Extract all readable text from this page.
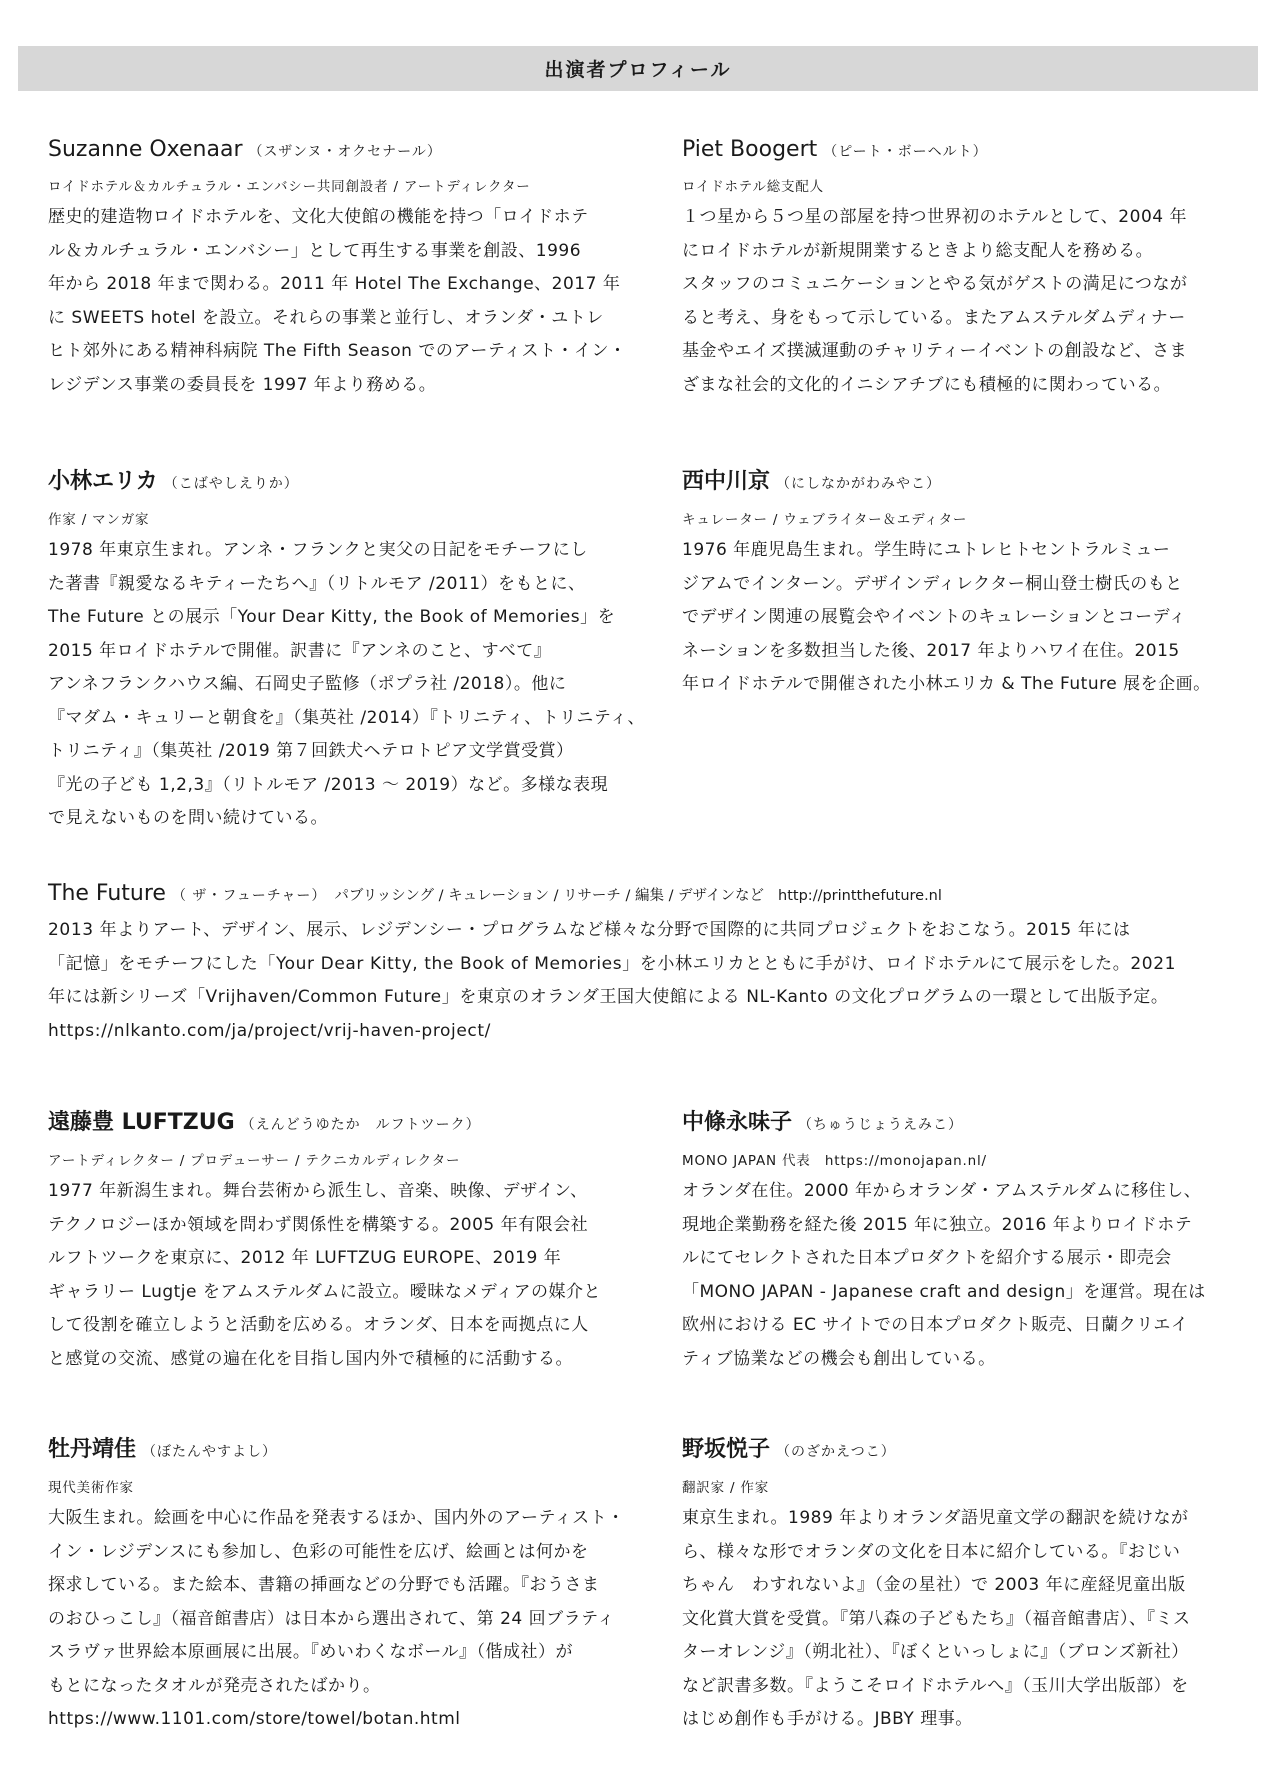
出演者プロフィール
Suzanne Oxenaar （スザンヌ・オクセナール）
ロイドホテル＆カルチュラル・エンバシー共同創設者 / アートディレクター
歴史的建造物ロイドホテルを、文化大使館の機能を持つ「ロイドホテ
ル＆カルチュラル・エンバシー」として再生する事業を創設、1996
年から 2018 年まで関わる。2011 年 Hotel The Exchange、2017 年
に SWEETS hotel を設立。それらの事業と並行し、オランダ・ユトレ
ヒト郊外にある精神科病院 The Fifth Season でのアーティスト・イン・
レジデンス事業の委員長を 1997 年より務める。
Piet Boogert （ピート・ボーヘルト）
ロイドホテル総支配人
１つ星から５つ星の部屋を持つ世界初のホテルとして、2004 年
にロイドホテルが新規開業するときより総支配人を務める。
スタッフのコミュニケーションとやる気がゲストの満足につなが
ると考え、身をもって示している。またアムステルダムディナー
基金やエイズ撲滅運動のチャリティーイベントの創設など、さま
ざまな社会的文化的イニシアチブにも積極的に関わっている。
小林エリカ （こばやしえりか）
作家 / マンガ家
1978 年東京生まれ。アンネ・フランクと実父の日記をモチーフにし
た著書『親愛なるキティーたちへ』（リトルモア /2011）をもとに、
The Future との展示「Your Dear Kitty, the Book of Memories」を
2015 年ロイドホテルで開催。訳書に『アンネのこと、すべて』
アンネフランクハウス編、石岡史子監修（ポプラ社 /2018）。他に
『マダム・キュリーと朝食を』（集英社 /2014）『トリニティ、トリニティ、
トリニティ』（集英社 /2019 第７回鉄犬ヘテロトピア文学賞受賞）
『光の子ども 1,2,3』（リトルモア /2013 ～ 2019）など。多様な表現
で見えないものを問い続けている。
西中川京 （にしなかがわみやこ）
キュレーター / ウェブライター＆エディター
1976 年鹿児島生まれ。学生時にユトレヒトセントラルミュー
ジアムでインターン。デザインディレクター桐山登士樹氏のもと
でデザイン関連の展覧会やイベントのキュレーションとコーディ
ネーションを多数担当した後、2017 年よりハワイ在住。2015
年ロイドホテルで開催された小林エリカ & The Future 展を企画。
The Future （ ザ・フューチャー） パブリッシング / キュレーション / リサーチ / 編集 / デザインなど http://printthefuture.nl
2013 年よりアート、デザイン、展示、レジデンシー・プログラムなど様々な分野で国際的に共同プロジェクトをおこなう。2015 年には
「記憶」をモチーフにした「Your Dear Kitty, the Book of Memories」を小林エリカとともに手がけ、ロイドホテルにて展示をした。2021
年には新シリーズ「Vrijhaven/Common Future」を東京のオランダ王国大使館による NL-Kanto の文化プログラムの一環として出版予定。
https://nlkanto.com/ja/project/vrij-haven-project/
遠藤豊 LUFTZUG （えんどうゆたか　ルフトツーク）
アートディレクター / プロデューサー / テクニカルディレクター
1977 年新潟生まれ。舞台芸術から派生し、音楽、映像、デザイン、
テクノロジーほか領域を問わず関係性を構築する。2005 年有限会社
ルフトツークを東京に、2012 年 LUFTZUG EUROPE、2019 年
ギャラリー Lugtje をアムステルダムに設立。曖昧なメディアの媒介と
して役割を確立しようと活動を広める。オランダ、日本を両拠点に人
と感覚の交流、感覚の遍在化を目指し国内外で積極的に活動する。
中條永味子 （ちゅうじょうえみこ）
MONO JAPAN 代表　https://monojapan.nl/
オランダ在住。2000 年からオランダ・アムステルダムに移住し、
現地企業勤務を経た後 2015 年に独立。2016 年よりロイドホテ
ルにてセレクトされた日本プロダクトを紹介する展示・即売会
「MONO JAPAN - Japanese craft and design」を運営。現在は
欧州における EC サイトでの日本プロダクト販売、日蘭クリエイ
ティブ協業などの機会も創出している。
牡丹靖佳 （ぼたんやすよし）
現代美術作家
大阪生まれ。絵画を中心に作品を発表するほか、国内外のアーティスト・
イン・レジデンスにも参加し、色彩の可能性を広げ、絵画とは何かを
探求している。また絵本、書籍の挿画などの分野でも活躍。『おうさま
のおひっこし』（福音館書店）は日本から選出されて、第 24 回ブラティ
スラヴァ世界絵本原画展に出展。『めいわくなボール』（偕成社）が
もとになったタオルが発売されたばかり。
https://www.1101.com/store/towel/botan.html
野坂悦子 （のざかえつこ）
翻訳家 / 作家
東京生まれ。1989 年よりオランダ語児童文学の翻訳を続けなが
ら、様々な形でオランダの文化を日本に紹介している。『おじい
ちゃん　わすれないよ』（金の星社）で 2003 年に産経児童出版
文化賞大賞を受賞。『第八森の子どもたち』（福音館書店）、『ミス
ターオレンジ』（朔北社）、『ぼくといっしょに』（ブロンズ新社）
など訳書多数。『ようこそロイドホテルへ』（玉川大学出版部）を
はじめ創作も手がける。JBBY 理事。
